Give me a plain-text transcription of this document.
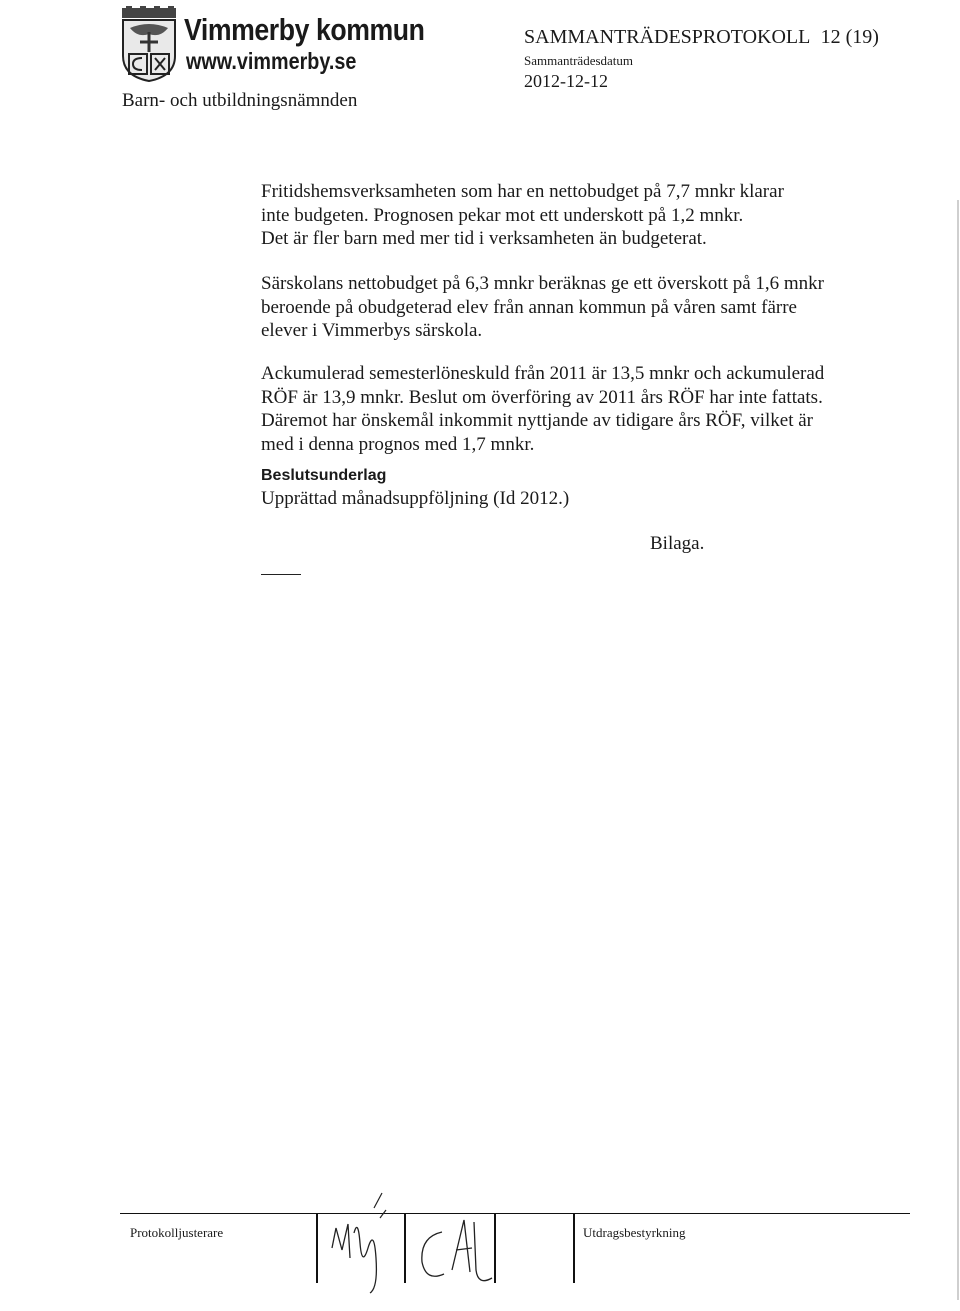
Vimmerby kommun
www.vimmerby.se
Barn- och utbildningsnämnden
SAMMANTRÄDESPROTOKOLL 12 (19)
Sammanträdesdatum
2012-12-12
Fritidshemsverksamheten som har en nettobudget på 7,7 mnkr klarar
inte budgeten. Prognosen pekar mot ett underskott på 1,2 mnkr.
Det är fler barn med mer tid i verksamheten än budgeterat.
Särskolans nettobudget på 6,3 mnkr beräknas ge ett överskott på 1,6 mnkr
beroende på obudgeterad elev från annan kommun på våren samt färre
elever i Vimmerbys särskola.
Ackumulerad semesterlöneskuld från 2011 är 13,5 mnkr och ackumulerad
RÖF är 13,9 mnkr. Beslut om överföring av 2011 års RÖF har inte fattats.
Däremot har önskemål inkommit nyttjande av tidigare års RÖF, vilket är
med i denna prognos med 1,7 mnkr.
Beslutsunderlag
Upprättad månadsuppföljning (Id 2012.)
Bilaga.
Protokolljusterare	Utdragsbestyrkning
